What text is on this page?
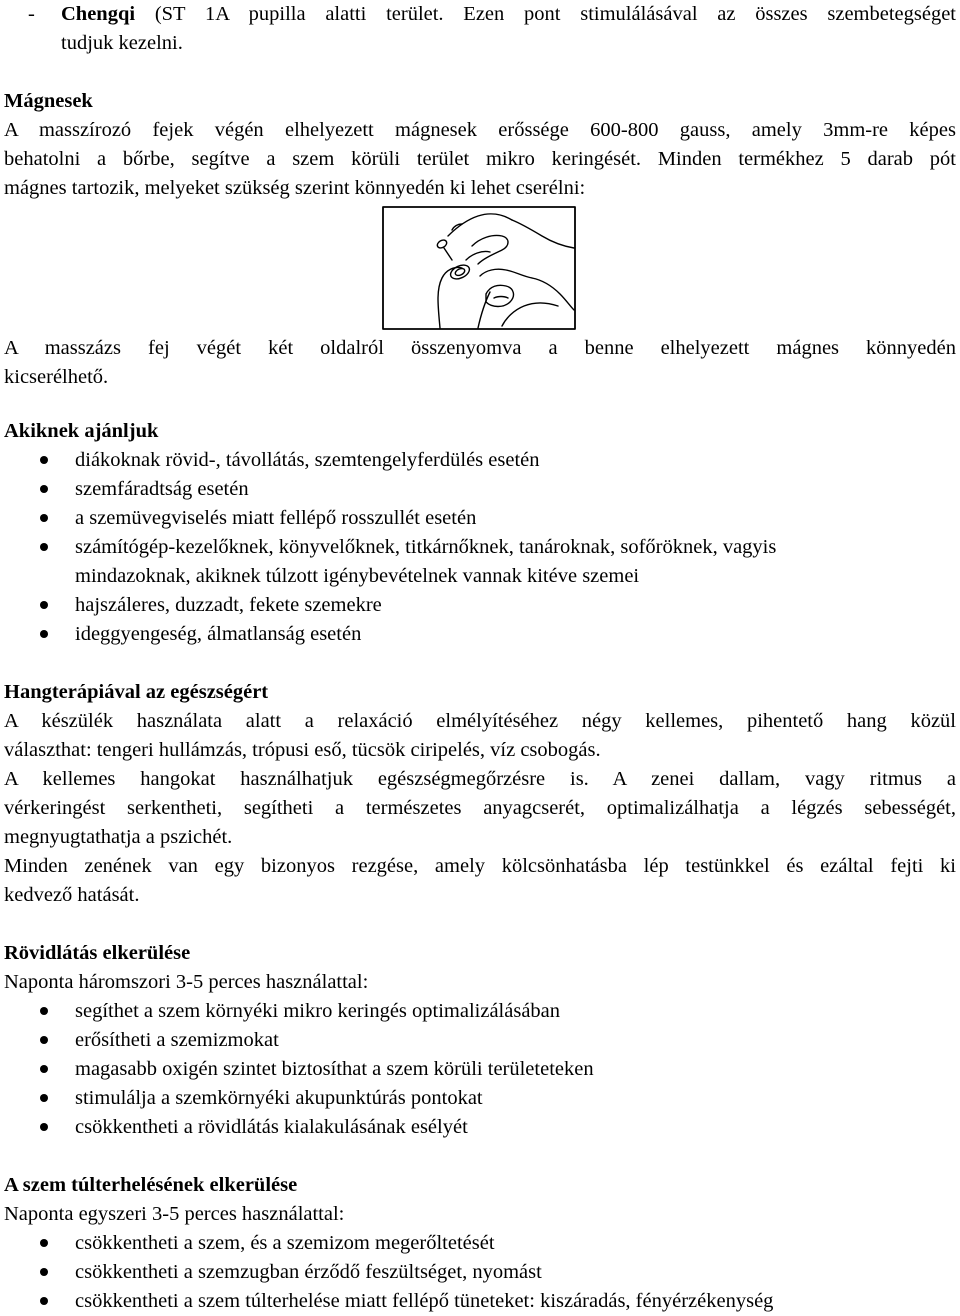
- Chengqi (ST 1A pupilla alatti terület. Ezen pont stimulálásával az összes szembetegséget
tudjuk kezelni.
Mágnesek
A masszírozó fejek végén elhelyezett mágnesek erőssége 600-800 gauss, amely 3mm-re képes
behatolni a bőrbe, segítve a szem körüli terület mikro keringését. Minden termékhez 5 darab pót
mágnes tartozik, melyeket szükség szerint könnyedén ki lehet cserélni:
A masszázs fej végét két oldalról összenyomva a benne elhelyezett mágnes könnyedén
kicserélhető.
Akiknek ajánljuk
diákoknak rövid-, távollátás, szemtengelyferdülés esetén
szemfáradtság esetén
a szemüvegviselés miatt fellépő rosszullét esetén
számítógép-kezelőknek, könyvelőknek, titkárnőknek, tanároknak, sofőröknek, vagyis
mindazoknak, akiknek túlzott igénybevételnek vannak kitéve szemei
hajszáleres, duzzadt, fekete szemekre
ideggyengeség, álmatlanság esetén
Hangterápiával az egészségért
A készülék használata alatt a relaxáció elmélyítéséhez négy kellemes, pihentető hang közül
választhat: tengeri hullámzás, trópusi eső, tücsök ciripelés, víz csobogás.
A kellemes hangokat használhatjuk egészségmegőrzésre is. A zenei dallam, vagy ritmus a
vérkeringést serkentheti, segítheti a természetes anyagcserét, optimalizálhatja a légzés sebességét,
megnyugtathatja a pszichét.
Minden zenének van egy bizonyos rezgése, amely kölcsönhatásba lép testünkkel és ezáltal fejti ki
kedvező hatását.
Rövidlátás elkerülése
Naponta háromszori 3-5 perces használattal:
segíthet a szem környéki mikro keringés optimalizálásában
erősítheti a szemizmokat
magasabb oxigén szintet biztosíthat a szem körüli területeteken
stimulálja a szemkörnyéki akupunktúrás pontokat
csökkentheti a rövidlátás kialakulásának esélyét
A szem túlterhelésének elkerülése
Naponta egyszeri 3-5 perces használattal:
csökkentheti a szem, és a szemizom megerőltetését
csökkentheti a szemzugban érződő feszültséget, nyomást
csökkentheti a szem túlterhelése miatt fellépő tüneteket: kiszáradás, fényérzékenység
